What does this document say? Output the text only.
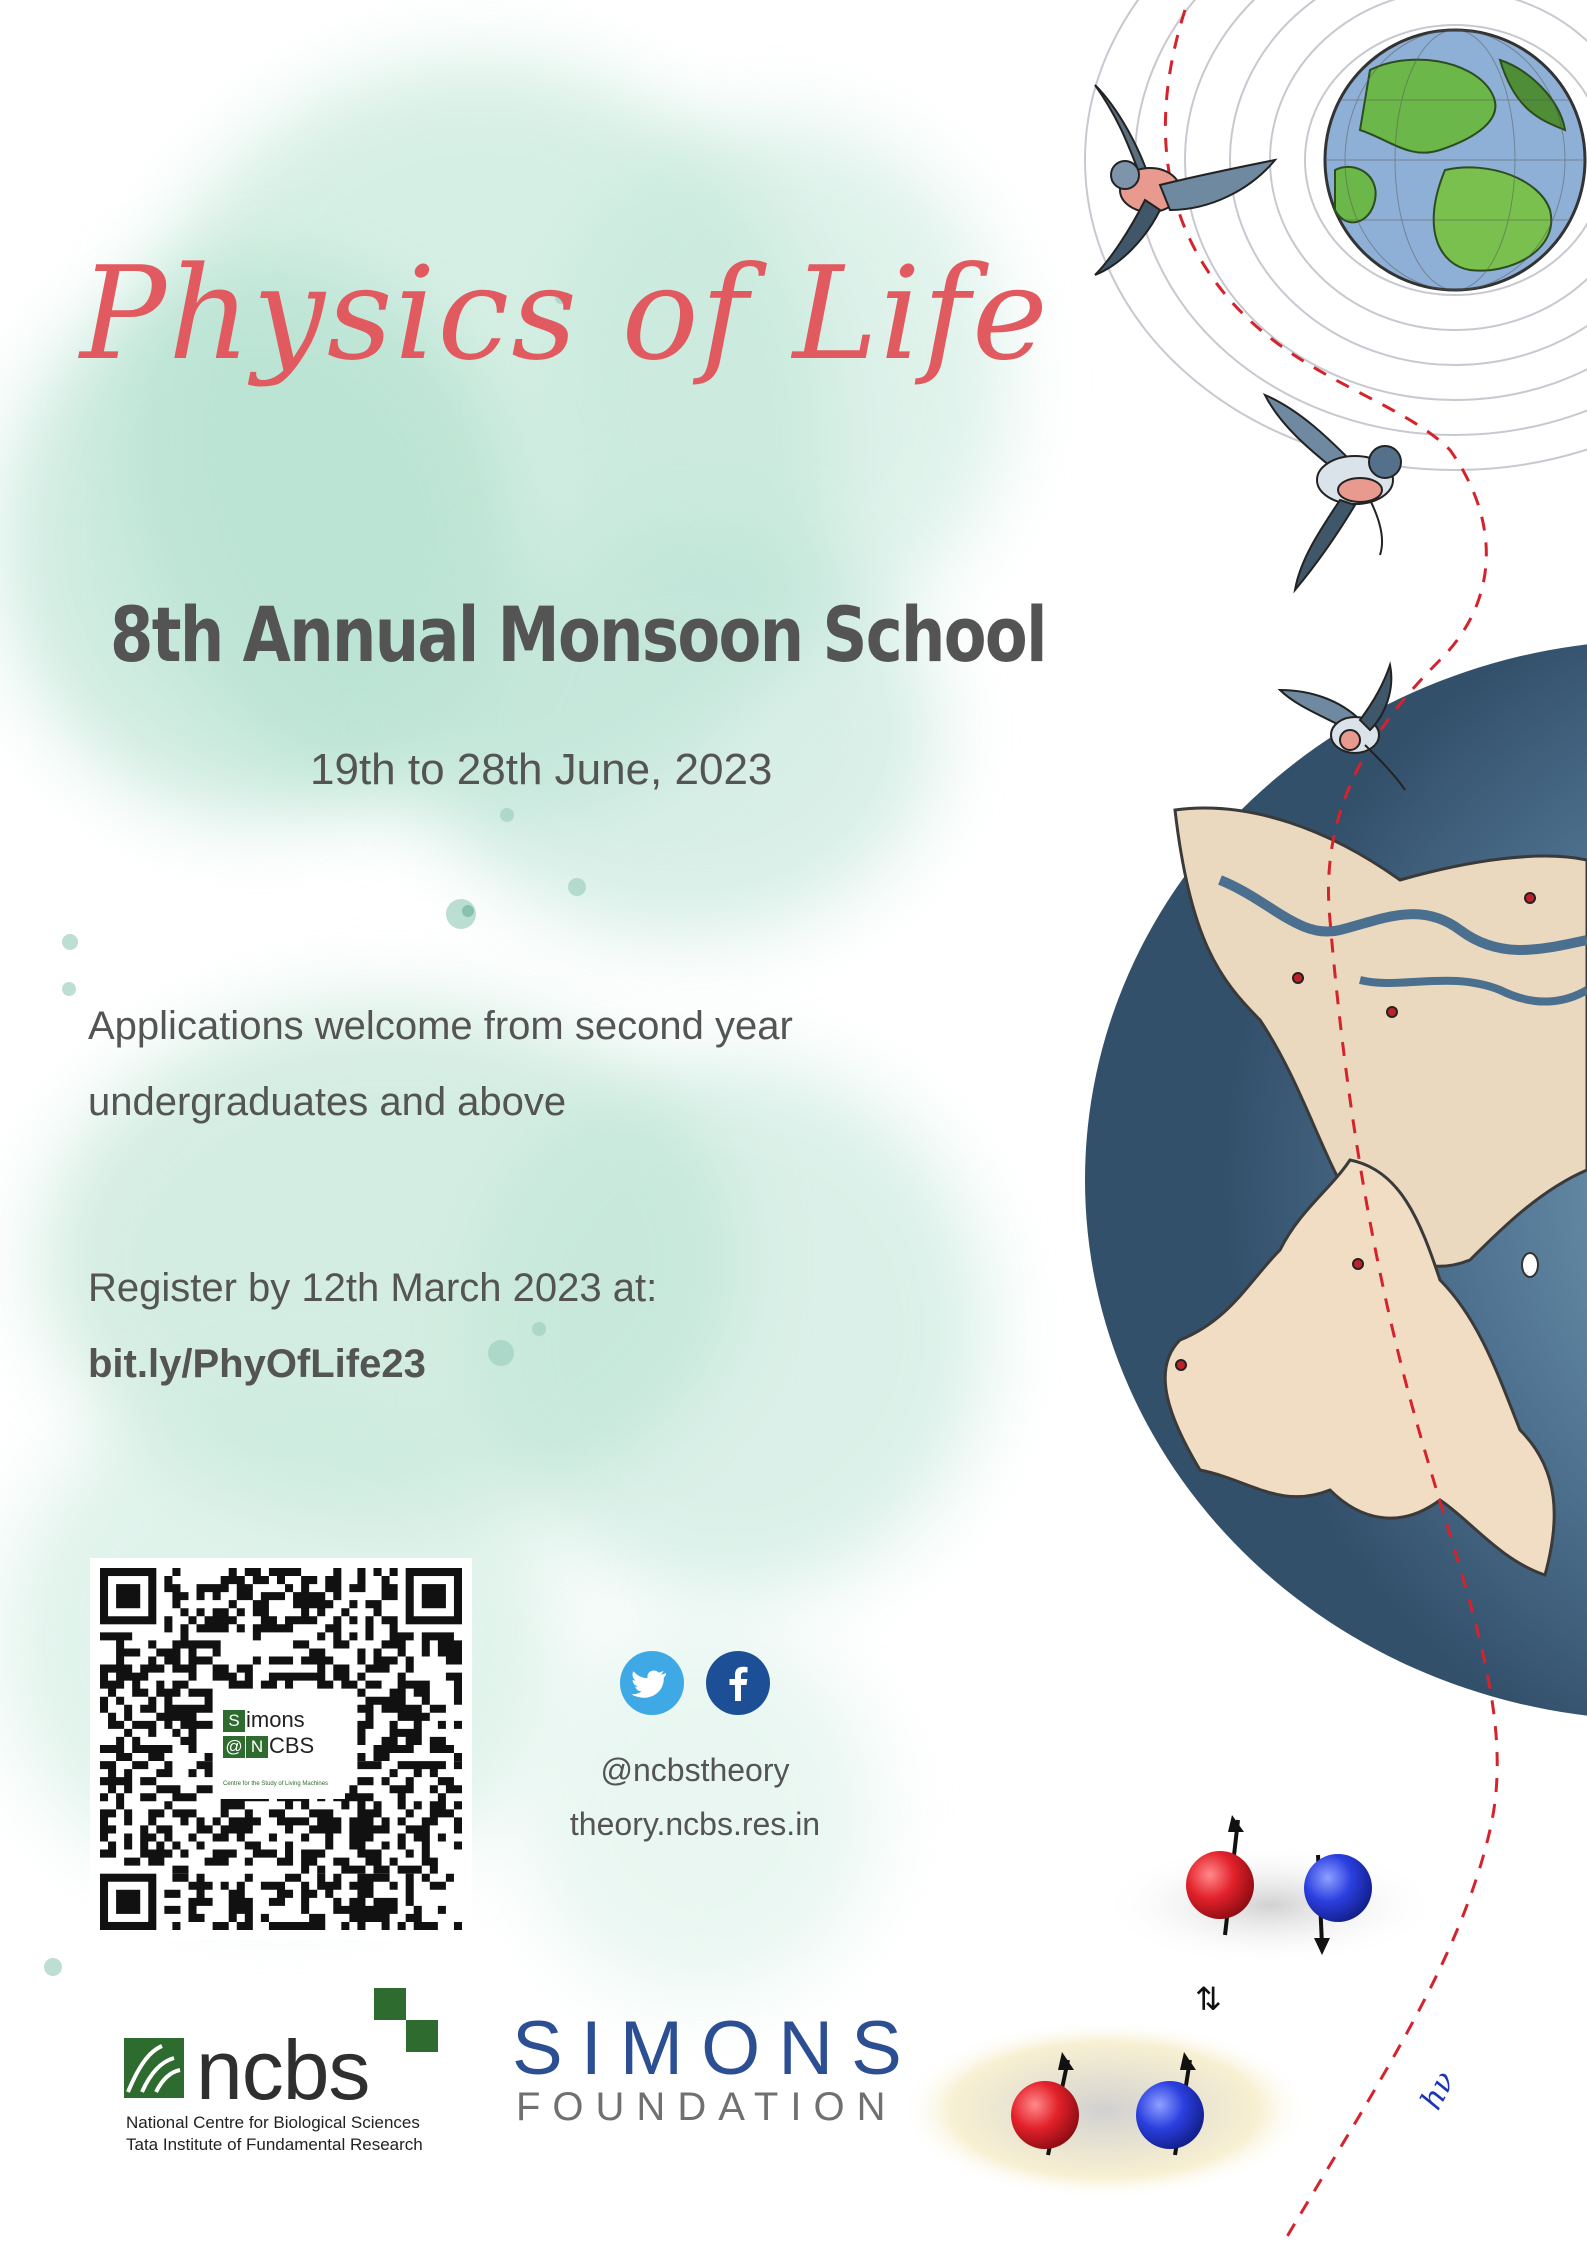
⇅
hν
Physics of Life
8th Annual Monsoon School
19th to 28th June, 2023
Applications welcome from second year
undergraduates and above
Register by 12th March 2023 at:
bit.ly/PhyOfLife23
S imons
@ N CBS
Centre for the Study of Living Machines	@ncbstheory
theory.ncbs.res.in
ncbs
National Centre for Biological Sciences
Tata Institute of Fundamental Research
SIMONS
FOUNDATION
